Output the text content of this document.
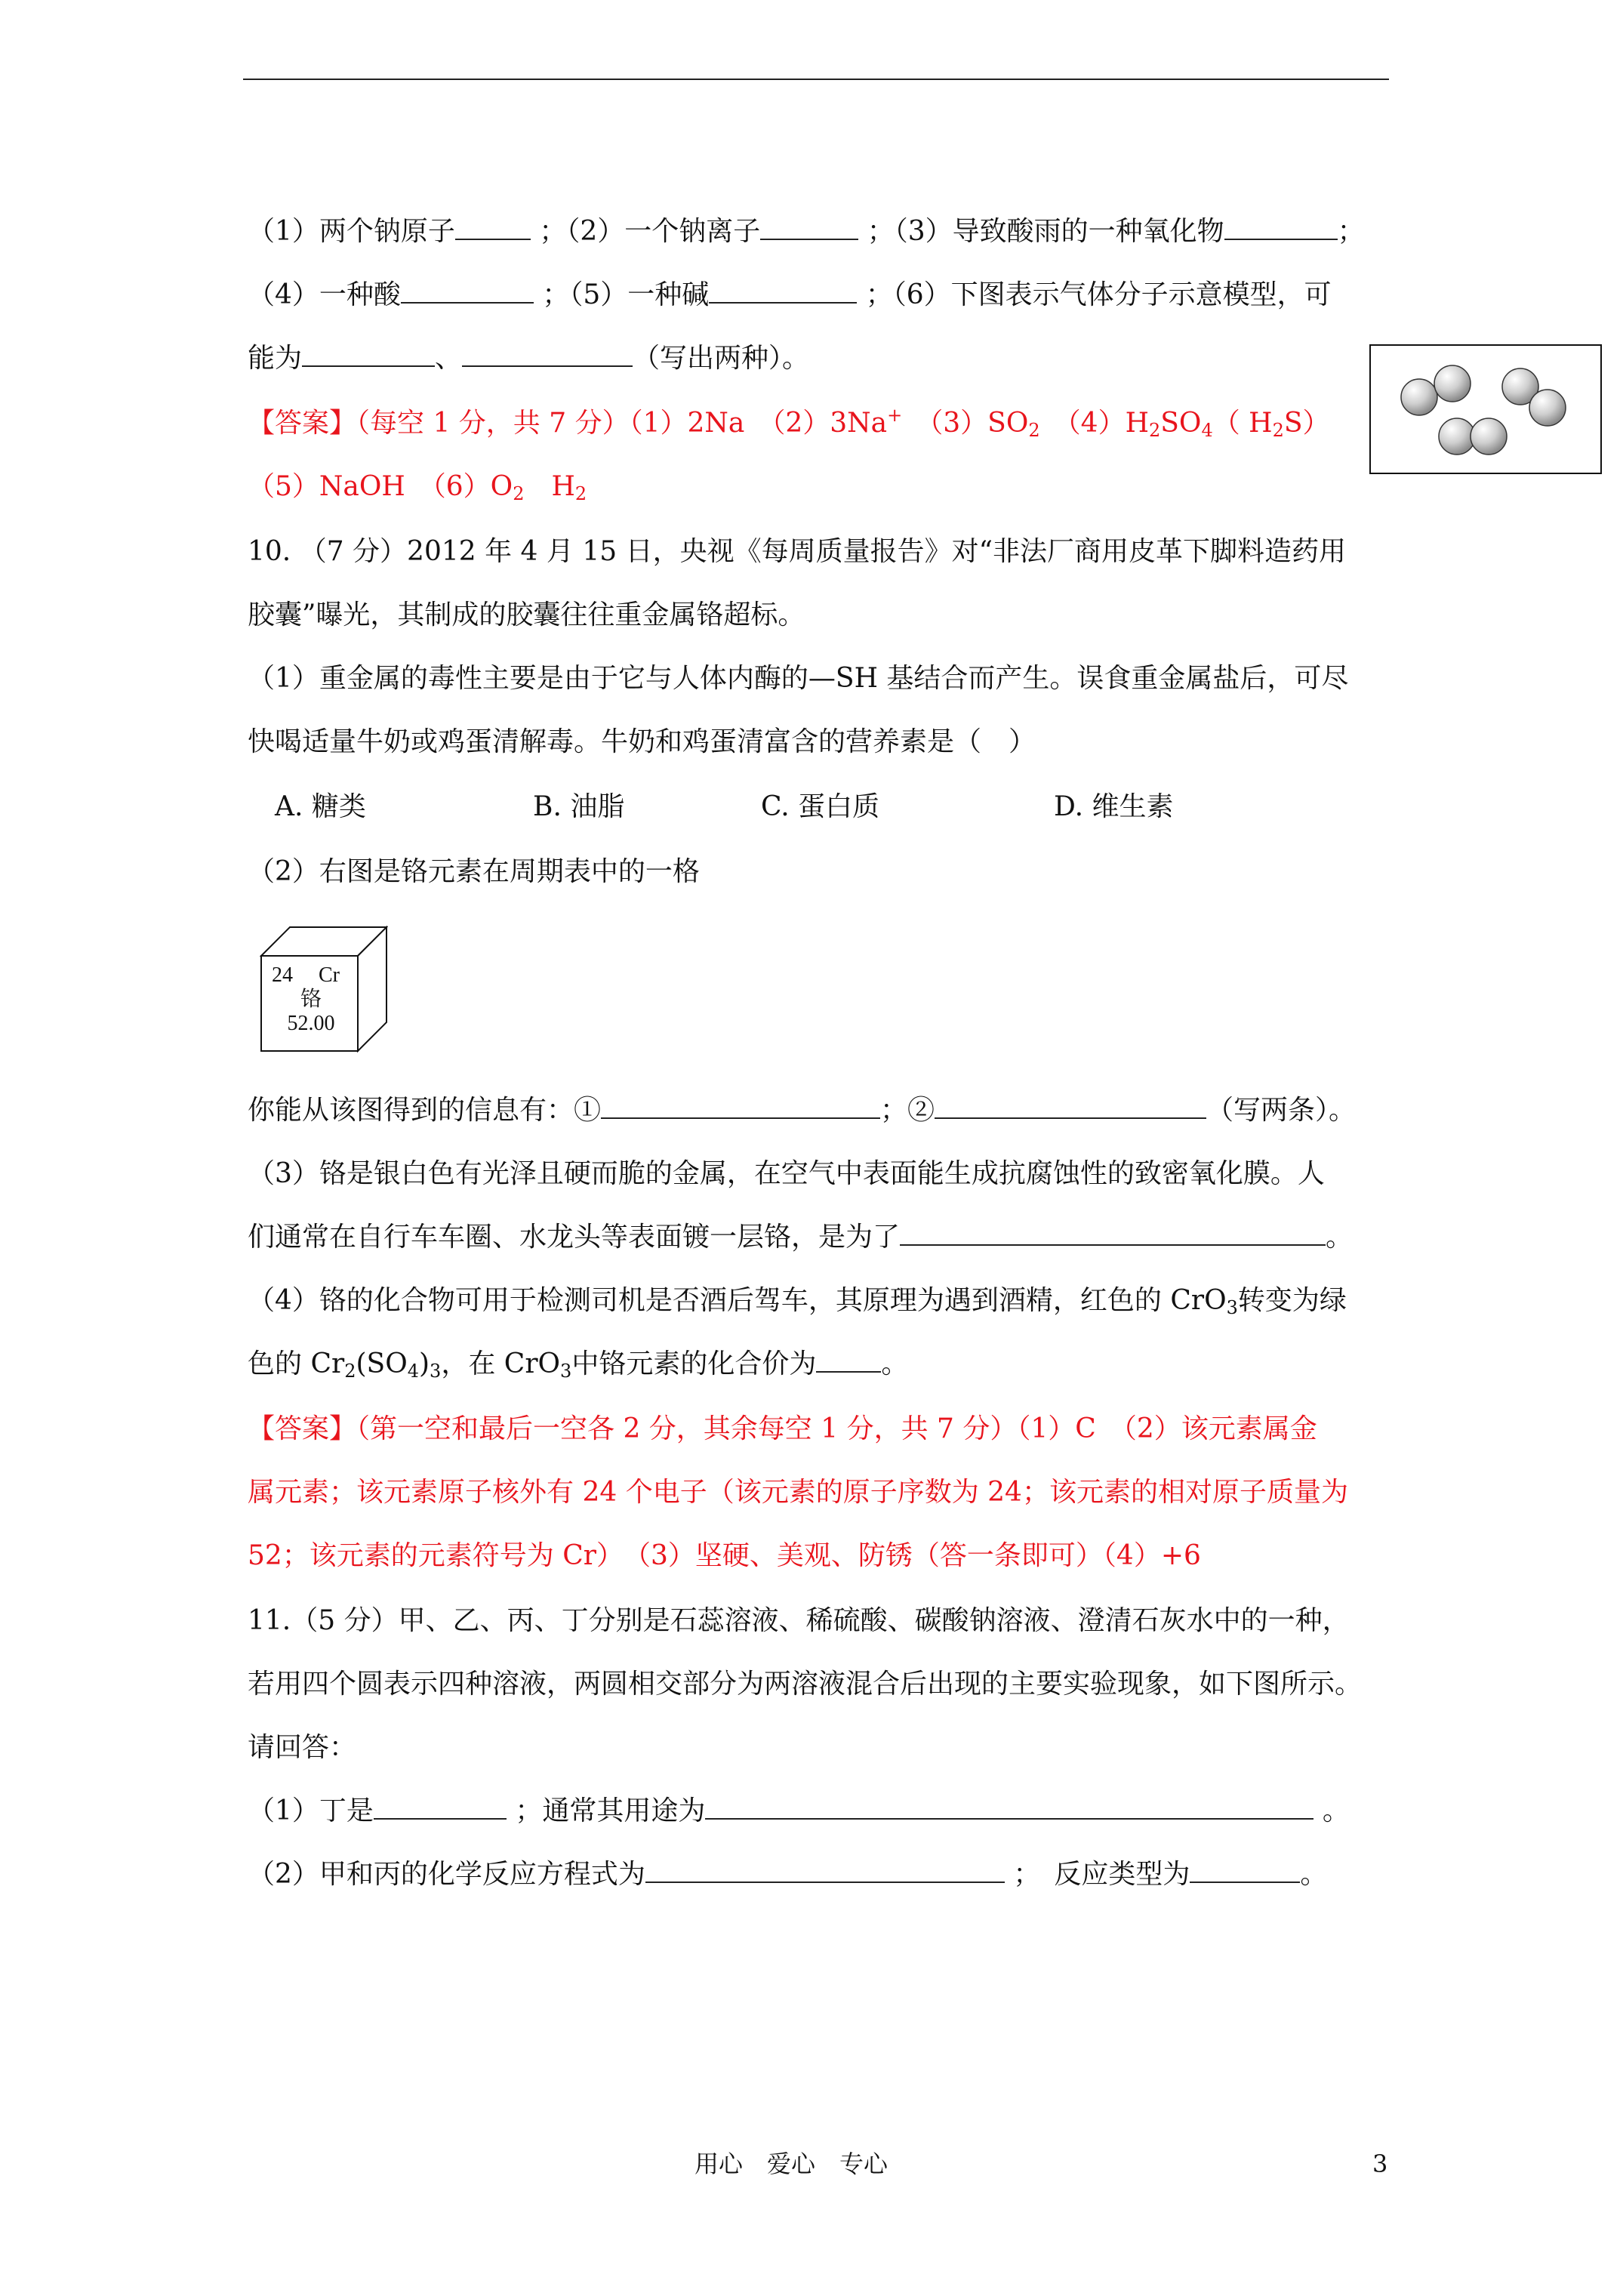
（1）两个钠原子	；（2）一个钠离子	；（3）导致酸雨的一种氧化物	；
（4）一种酸	；（5）一种碱	；（6）下图表示气体分子示意模型，可
能为	、	（写出两种）。
【答案】（每空 1 分，共 7 分）（1）2Na　（2）3Na+　 $(3)SO_2$　 $(4)H_2SO_4$（ $H_2S$）
（5）NaOH　$(6)O_2$　 $H_2$
10. （7 分）2012 年 4 月 15 日，央视《每周质量报告》对“非法厂商用皮革下脚料造药用
胶囊”曝光，其制成的胶囊往往重金属铬超标。
（1）重金属的毒性主要是由于它与人体内酶的—SH 基结合而产生。误食重金属盐后，可尽
快喝适量牛奶或鸡蛋清解毒。牛奶和鸡蛋清富含的营养素是（　）
A. 糖类	B. 油脂	C. 蛋白质	D. 维生素
（2）右图是铬元素在周期表中的一格
24 Cr
铬
52.00
你能从该图得到的信息有：①	；②	（写两条）。
（3）铬是银白色有光泽且硬而脆的金属，在空气中表面能生成抗腐蚀性的致密氧化膜。人
们通常在自行车车圈、水龙头等表面镀一层铬，是为了	。
（4）铬的化合物可用于检测司机是否酒后驾车，其原理为遇到酒精，红色的 CrO$_3$转变为绿
色的 $Cr_2(SO_4)_3$，在 CrO$_3$中铬元素的化合价为 。
【答案】（第一空和最后一空各 2 分，其余每空 1 分，共 7 分）（1）C　（2）该元素属金
属元素；该元素原子核外有 24 个电子（该元素的原子序数为 24；该元素的相对原子质量为
52；该元素的元素符号为 Cr）　（3）坚硬、美观、防锈（答一条即可）（4）+6
11.（5 分）甲、乙、丙、丁分别是石蕊溶液、稀硫酸、碳酸钠溶液、澄清石灰水中的一种，
若用四个圆表示四种溶液，两圆相交部分为两溶液混合后出现的主要实验现象，如下图所示。
请回答：
（1）丁是	；通常其用途为	。
（2）甲和丙的化学反应方程式为	；　反应类型为	。
用心　爱心　专心	3
